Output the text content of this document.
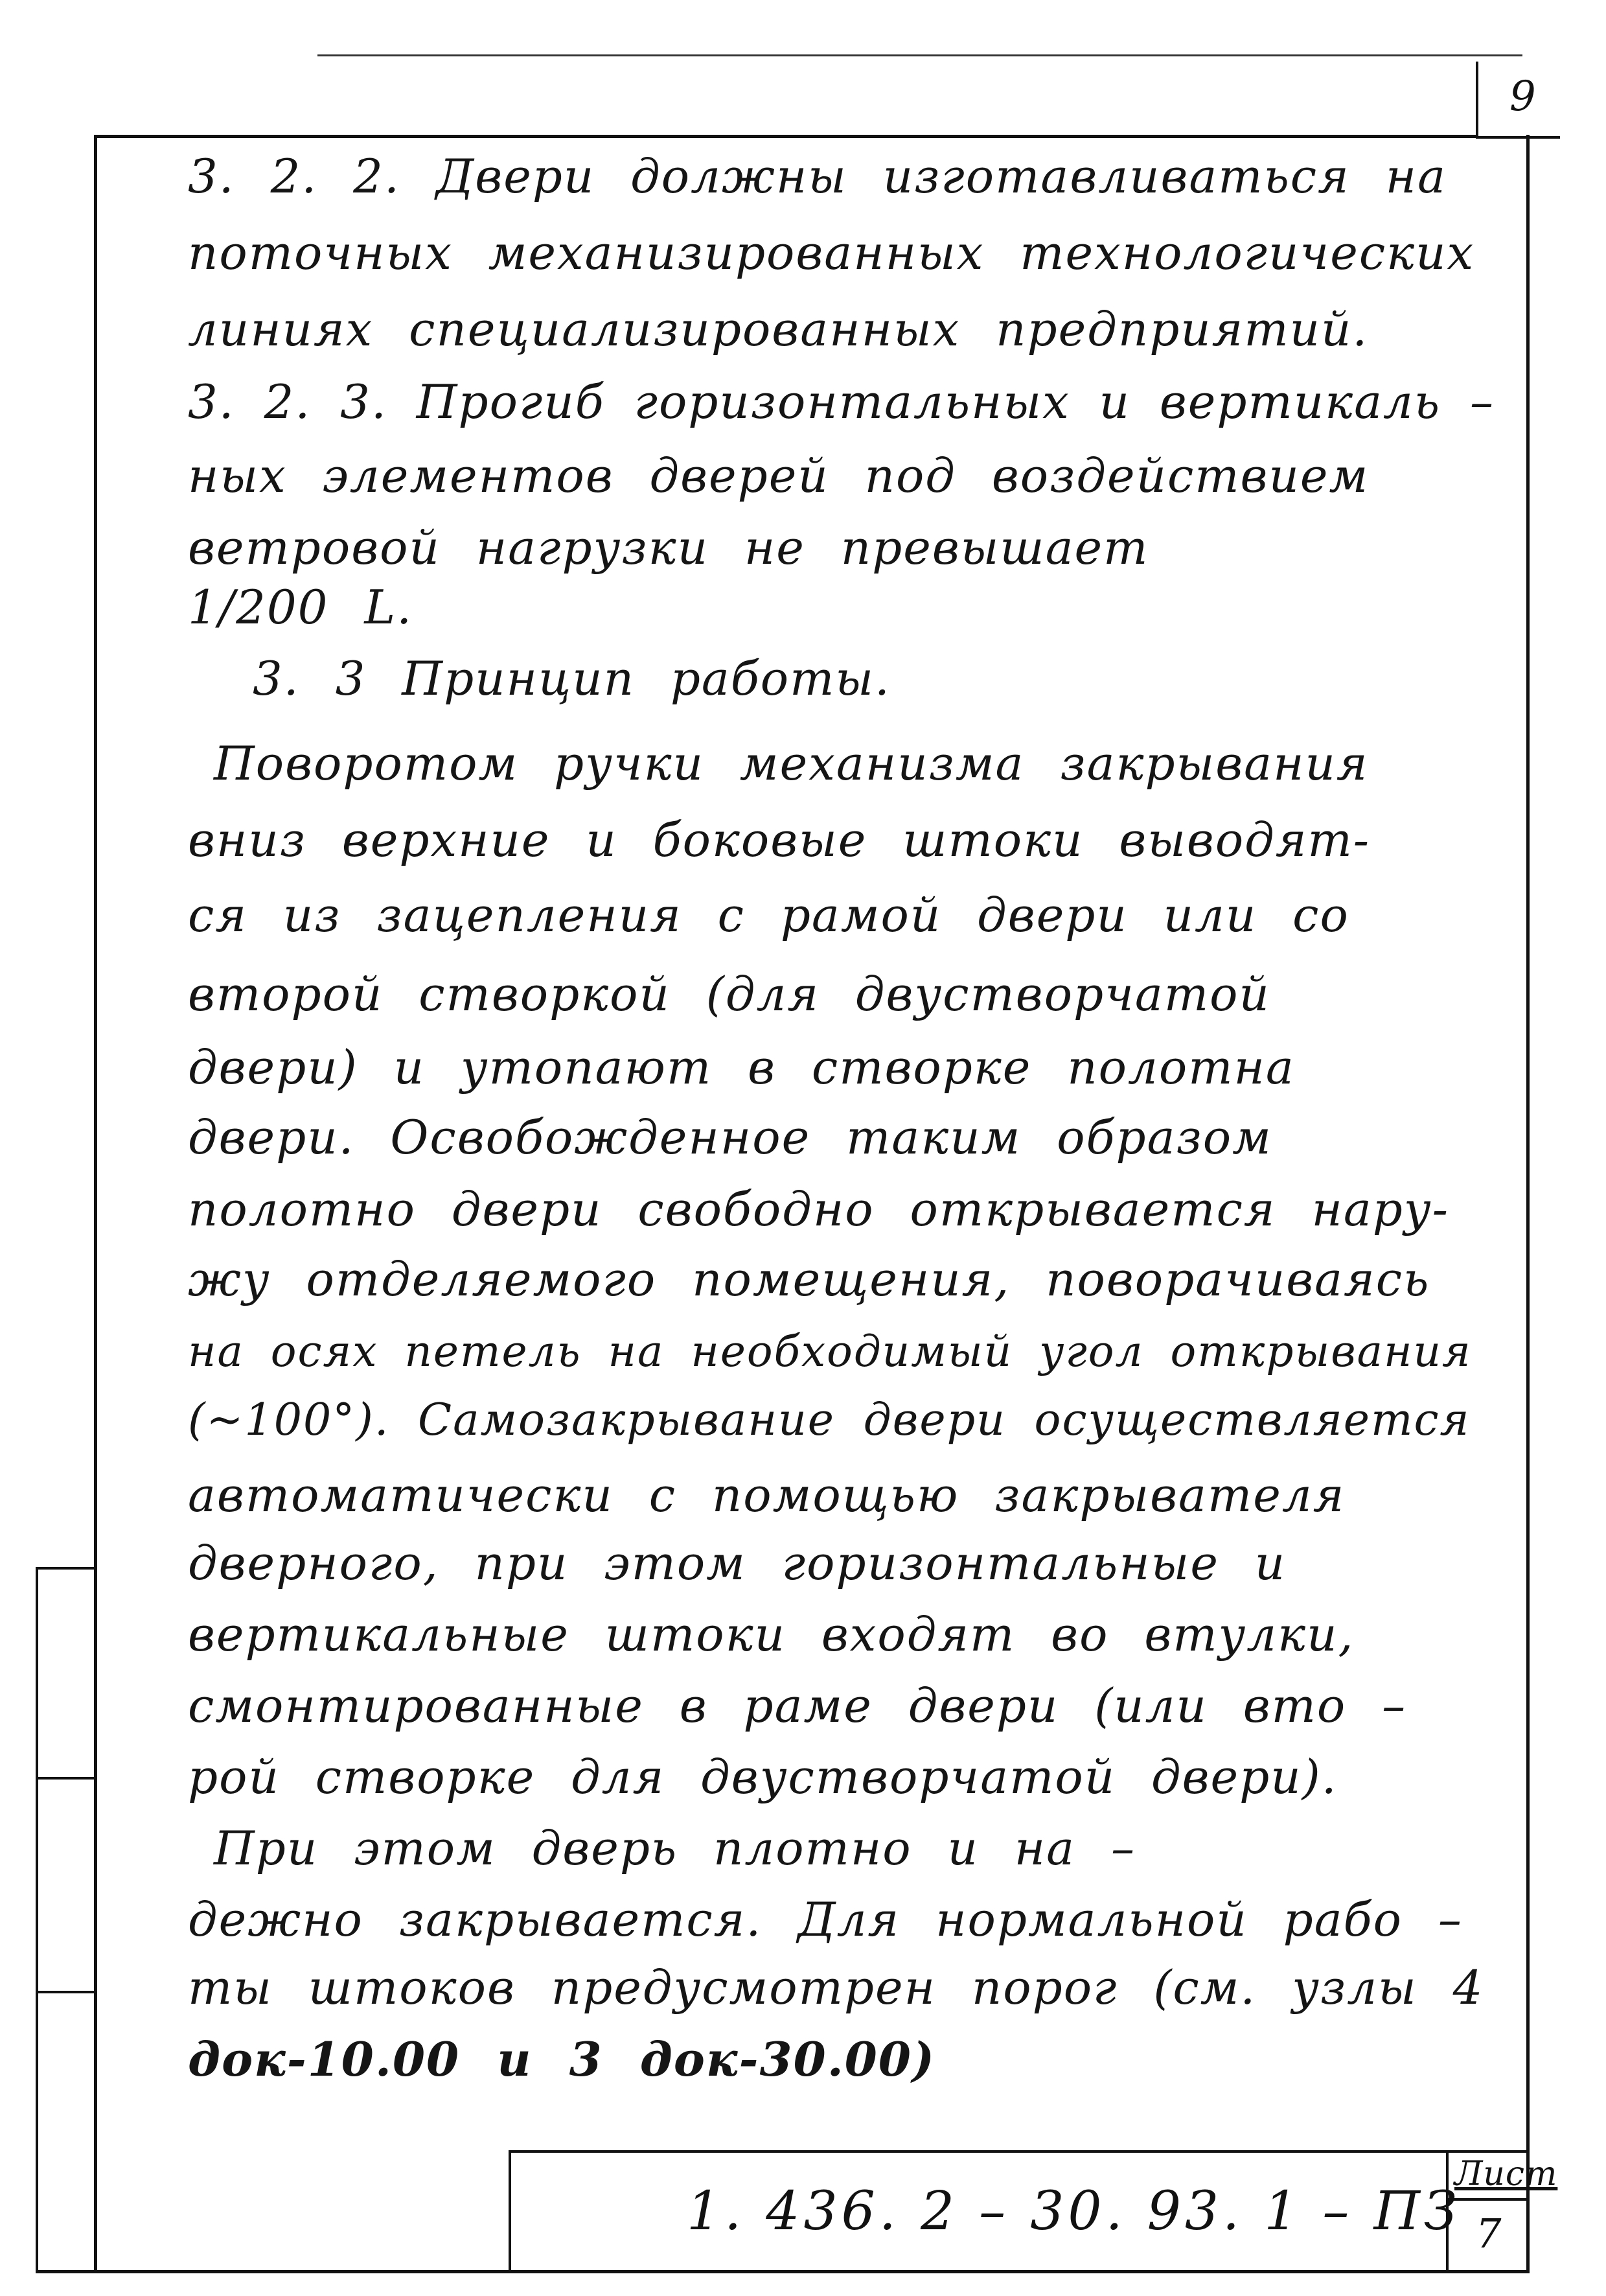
9
3. 2. 2. Двери должны изготавливаться на
поточных механизированных технологических
линиях специализированных предприятий.
3. 2. 3. Прогиб горизонтальных и вертикаль –
ных элементов дверей под воздействием
ветровой нагрузки не превышает
1/200 L.
3. 3 Принцип работы.
Поворотом ручки механизма закрывания
вниз верхние и боковые штоки выводят-
ся из зацепления с рамой двери или со
второй створкой (для двустворчатой
двери) и утопают в створке полотна
двери. Освобожденное таким образом
полотно двери свободно открывается нару-
жу отделяемого помещения, поворачиваясь
на осях петель на необходимый угол открывания
(~100°). Самозакрывание двери осуществляется
автоматически с помощью закрывателя
дверного, при этом горизонтальные и
вертикальные штоки входят во втулки,
смонтированные в раме двери (или вто –
рой створке для двустворчатой двери).
При этом дверь плотно и на –
дежно закрывается. Для нормальной рабо –
ты штоков предусмотрен порог (см. узлы 4
док-10.00 и 3 док-30.00)
1. 436. 2 – 30. 93. 1 – ПЗ
Лист
7
